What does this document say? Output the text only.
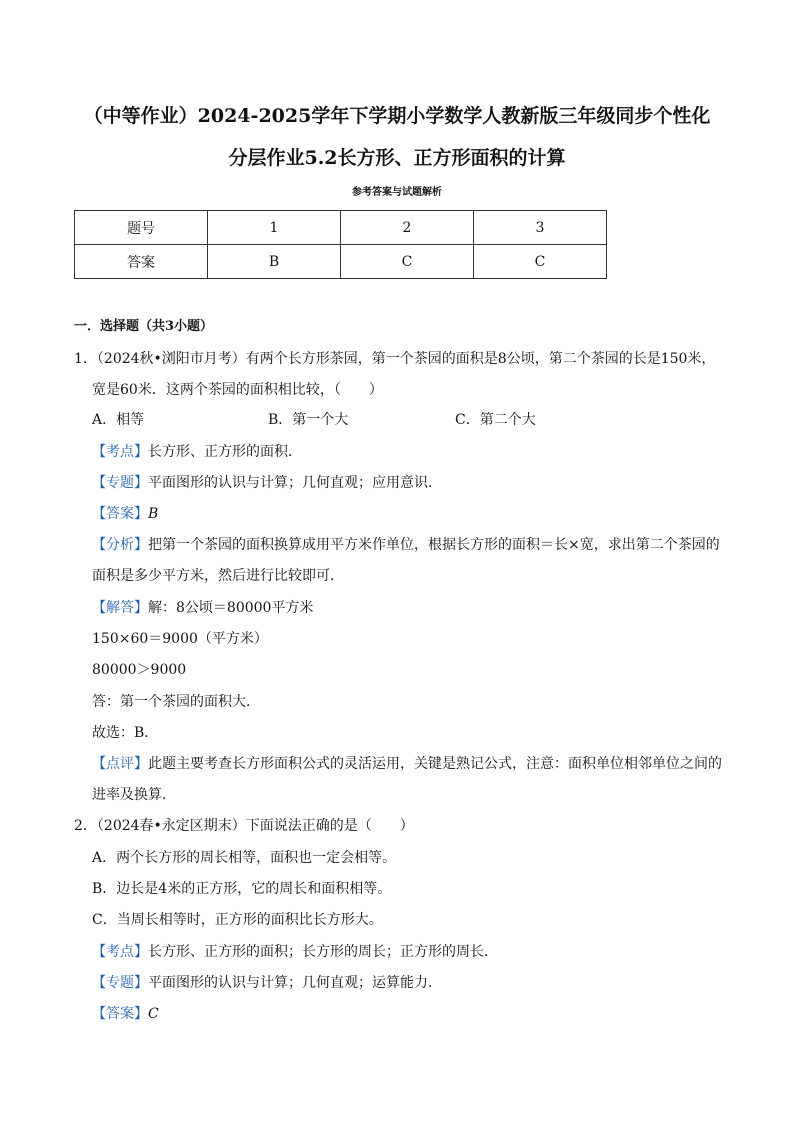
（中等作业）2024-2025学年下学期小学数学人教新版三年级同步个性化
分层作业5.2长方形、正方形面积的计算
参考答案与试题解析
题号	1	2	3
答案	B	C	C
一．选择题（共3小题）
1．（2024秋•浏阳市月考）有两个长方形茶园，第一个茶园的面积是8公顷，第二个茶园的长是150米，
宽是60米．这两个茶园的面积相比较，（　　）
A．相等	B．第一个大	C．第二个大
【考点】长方形、正方形的面积．
【专题】平面图形的认识与计算；几何直观；应用意识．
【答案】B
【分析】把第一个茶园的面积换算成用平方米作单位，根据长方形的面积＝长×宽，求出第二个茶园的
面积是多少平方米，然后进行比较即可．
【解答】解：8公顷＝80000平方米
150×60＝9000（平方米）
80000＞9000
答：第一个茶园的面积大．
故选：B．
【点评】此题主要考查长方形面积公式的灵活运用，关键是熟记公式，注意：面积单位相邻单位之间的
进率及换算．
2．（2024春•永定区期末）下面说法正确的是（　　）
A．两个长方形的周长相等，面积也一定会相等。
B．边长是4米的正方形，它的周长和面积相等。
C．当周长相等时，正方形的面积比长方形大。
【考点】长方形、正方形的面积；长方形的周长；正方形的周长．
【专题】平面图形的认识与计算；几何直观；运算能力．
【答案】C
